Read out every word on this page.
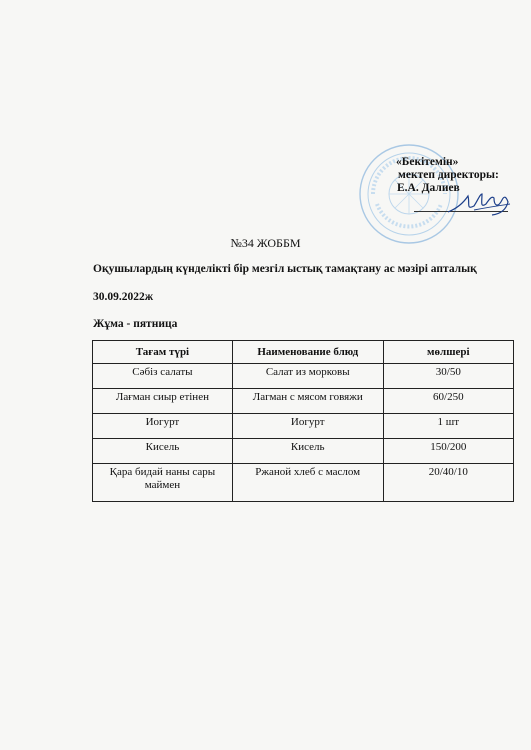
«Бекітемін»
мектеп директоры:
Е.А. Далиев
№34 ЖОББМ
Оқушылардың күнделікті бір мезгіл ыстық тамақтану ас мәзірі апталық
30.09.2022ж
Жұма - пятница
Тағам түрі	Наименование блюд	мөлшері
Сәбіз салаты	Салат из морковы	30/50
Лағман сиыр етінен	Лагман с мясом говяжи	60/250
Иогурт	Иогурт	1 шт
Кисель	Кисель	150/200
Қара бидай наны сары маймен	Ржаной хлеб с маслом	20/40/10
